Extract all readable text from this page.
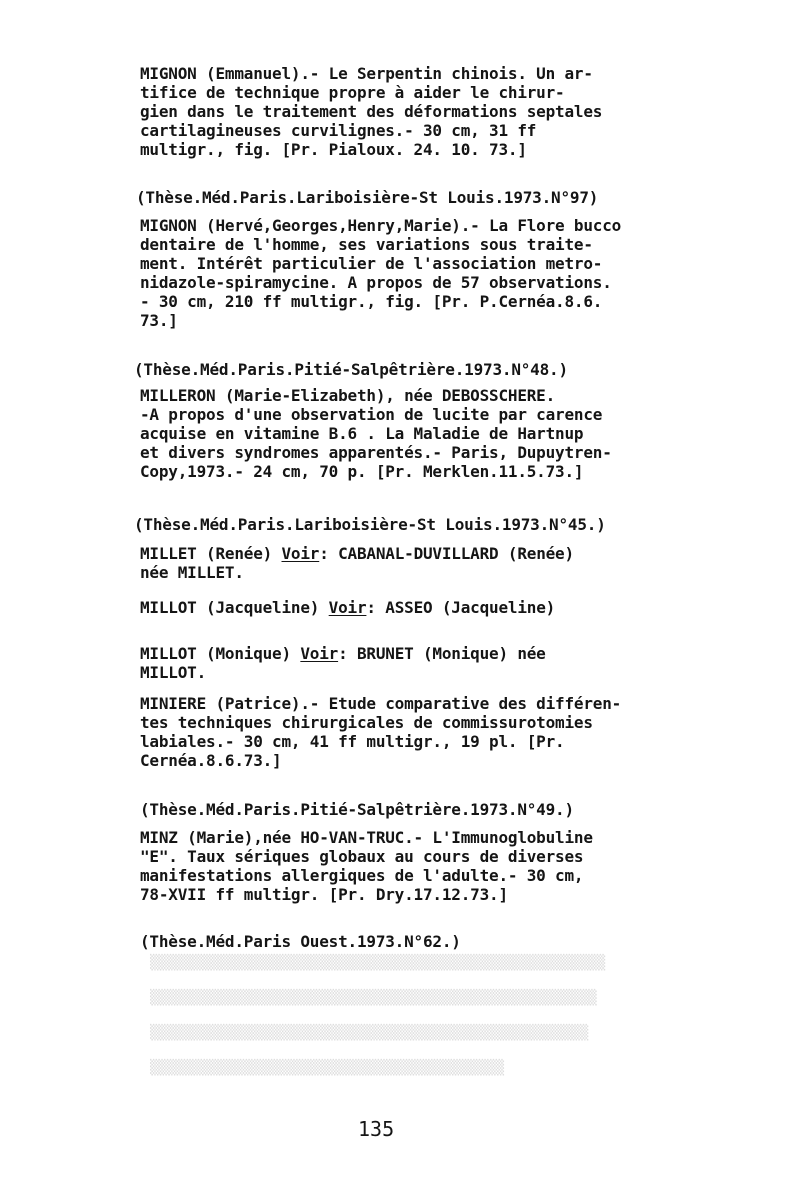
▒▒▒▒▒▒▒▒▒▒▒▒▒▒▒▒▒▒▒▒▒▒▒▒▒▒▒▒▒▒▒▒▒▒▒▒▒▒▒▒▒▒▒▒▒▒▒▒▒▒▒▒▒▒
▒▒▒▒▒▒▒▒▒▒▒▒▒▒▒▒▒▒▒▒▒▒▒▒▒▒▒▒▒▒▒▒▒▒▒▒▒▒▒▒▒▒▒▒▒▒▒▒▒▒▒▒▒
▒▒▒▒▒▒▒▒▒▒▒▒▒▒▒▒▒▒▒▒▒▒▒▒▒▒▒▒▒▒▒▒▒▒▒▒▒▒▒▒▒▒▒▒▒▒▒▒▒▒▒▒
▒▒▒▒▒▒▒▒▒▒▒▒▒▒▒▒▒▒▒▒▒▒▒▒▒▒▒▒▒▒▒▒▒▒▒▒▒▒▒▒▒▒
MIGNON (Emmanuel).- Le Serpentin chinois. Un ar-
tifice de technique propre à aider le chirur-
gien dans le traitement des déformations septales
cartilagineuses curvilignes.- 30 cm, 31 ff
multigr., fig. [Pr. Pialoux. 24. 10. 73.]
(Thèse.Méd.Paris.Lariboisière-St Louis.1973.N°97)
MIGNON (Hervé,Georges,Henry,Marie).- La Flore bucco
dentaire de l'homme, ses variations sous traite-
ment. Intérêt particulier de l'association metro-
nidazole-spiramycine. A propos de 57 observations.
- 30 cm, 210 ff multigr., fig. [Pr. P.Cernéa.8.6.
73.]
(Thèse.Méd.Paris.Pitié-Salpêtrière.1973.N°48.)
MILLERON (Marie-Elizabeth), née DEBOSSCHERE.
-A propos d'une observation de lucite par carence
acquise en vitamine B.6 . La Maladie de Hartnup
et divers syndromes apparentés.- Paris, Dupuytren-
Copy,1973.- 24 cm, 70 p. [Pr. Merklen.11.5.73.]
(Thèse.Méd.Paris.Lariboisière-St Louis.1973.N°45.)
MILLET (Renée) Voir: CABANAL-DUVILLARD (Renée)
née MILLET.
MILLOT (Jacqueline) Voir: ASSEO (Jacqueline)
MILLOT (Monique) Voir: BRUNET (Monique) née
MILLOT.
MINIERE (Patrice).- Etude comparative des différen-
tes techniques chirurgicales de commissurotomies
labiales.- 30 cm, 41 ff multigr., 19 pl. [Pr.
Cernéa.8.6.73.]
(Thèse.Méd.Paris.Pitié-Salpêtrière.1973.N°49.)
MINZ (Marie),née HO-VAN-TRUC.- L'Immunoglobuline
"E". Taux sériques globaux au cours de diverses
manifestations allergiques de l'adulte.- 30 cm,
78-XVII ff multigr. [Pr. Dry.17.12.73.]
(Thèse.Méd.Paris Ouest.1973.N°62.)
135
